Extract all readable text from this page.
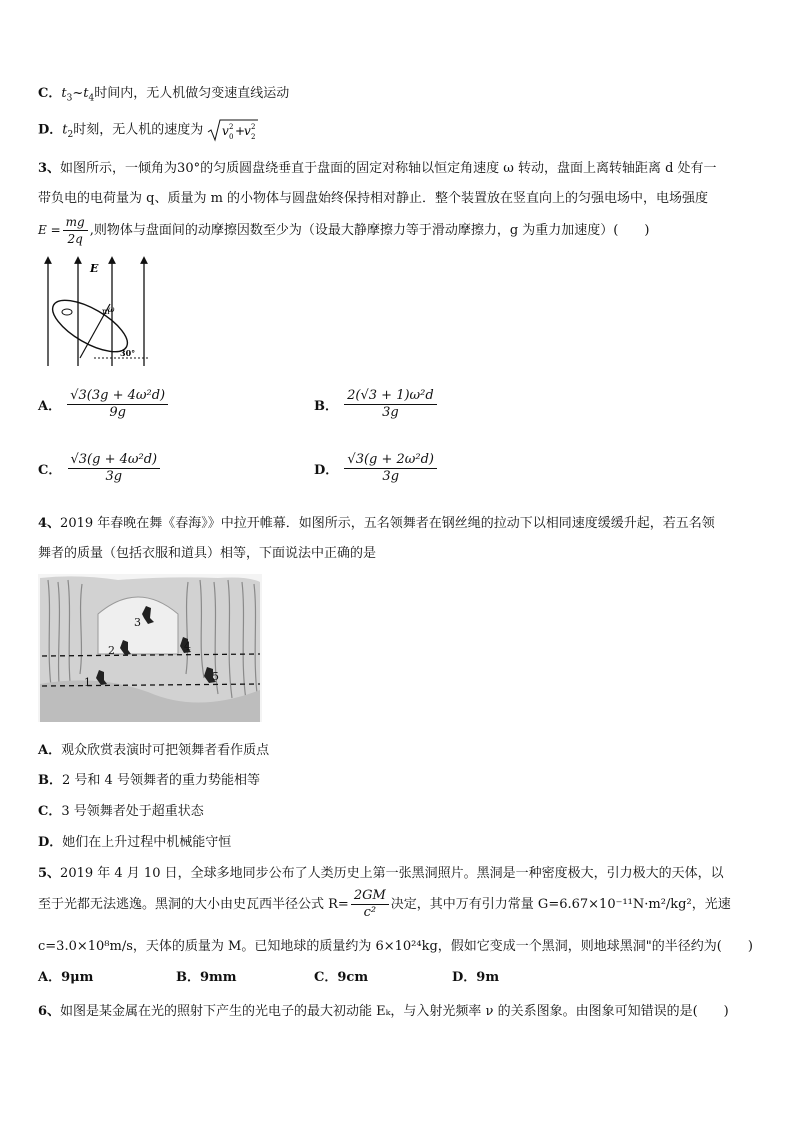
C．$t_3\sim t_4$时间内，无人机做匀变速直线运动
D．$t_2$时刻，无人机的速度为 v 0
2 +
v 2
2
3、如图所示，一倾角为30°的匀质圆盘绕垂直于盘面的固定对称轴以恒定角速度 ω 转动，盘面上离转轴距离 d 处有一
带负电的电荷量为 q、质量为 m 的小物体与圆盘始终保持相对静止．整个装置放在竖直向上的匀强电场中，电场强度
$E = \frac{mg}{2q}$ ,则物体与盘面间的动摩擦因数至少为（设最大静摩擦力等于滑动摩擦力，g 为重力加速度）(　　)
E
m
ω
30°
A． $\frac{\text{√3(3g + 4ω²d)}}{9g}$	B． $\frac{\text{2(√3 + 1)ω²d}}{3g}$
C． $\frac{\text{√3(g + 4ω²d)}}{3g}$	D． $\frac{\text{√3(g + 2ω²d)}}{3g}$
4、2019 年春晚在舞《春海》》中拉开帷幕．如图所示，五名领舞者在钢丝绳的拉动下以相同速度缓缓升起，若五名领
舞者的质量（包括衣服和道具）相等，下面说法中正确的是
1
2
3
4
5
A．观众欣赏表演时可把领舞者看作质点
B．2 号和 4 号领舞者的重力势能相等
C．3 号领舞者处于超重状态
D．她们在上升过程中机械能守恒
5、2019 年 4 月 10 日，全球多地同步公布了人类历史上第一张黑洞照片。黑洞是一种密度极大，引力极大的天体，以
至于光都无法逃逸。黑洞的大小由史瓦西半径公式 $R= \frac{2GM}{\text{c²}}$ 决定，其中万有引力常量 G=6.67×10⁻¹¹N·m²/kg²，光速
c=3.0×10⁸m/s，天体的质量为 M。已知地球的质量约为 6×10²⁴kg，假如它变成一个黑洞，则地球黑洞"的半径约为(　　)
A．9μm	B．9mm	C．9cm	D．9m
6、如图是某金属在光的照射下产生的光电子的最大初动能 Eₖ，与入射光频率 ν 的关系图象。由图象可知错误的是(　　)
